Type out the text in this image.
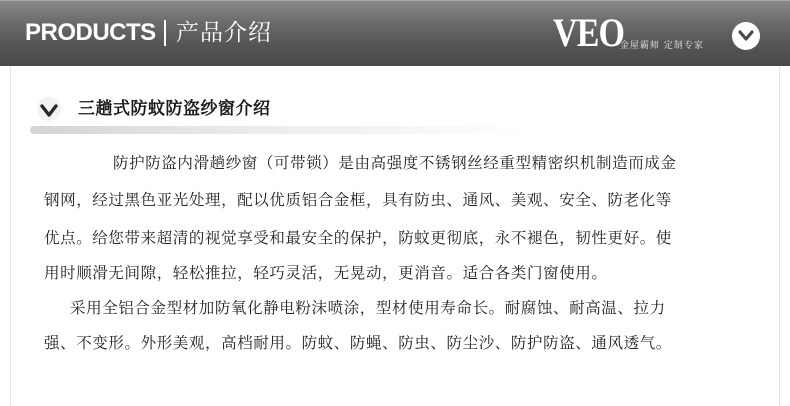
PRODUCTS 产品介绍	VEO
金屋霸师 定制专家
三趟式防蚊防盗纱窗介绍
防护防盗内滑趟纱窗（可带锁）是由高强度不锈钢丝经重型精密织机制造而成金
钢网，经过黑色亚光处理，配以优质铝合金框，具有防虫、通风、美观、安全、防老化等
优点。给您带来超清的视觉享受和最安全的保护，防蚊更彻底，永不褪色，韧性更好。使
用时顺滑无间隙，轻松推拉，轻巧灵活，无晃动，更消音。适合各类门窗使用。
采用全铝合金型材加防氧化静电粉沫喷涂，型材使用寿命长。耐腐蚀、耐高温、拉力
强、不变形。外形美观，高档耐用。防蚊、防蝇、防虫、防尘沙、防护防盗、通风透气。
